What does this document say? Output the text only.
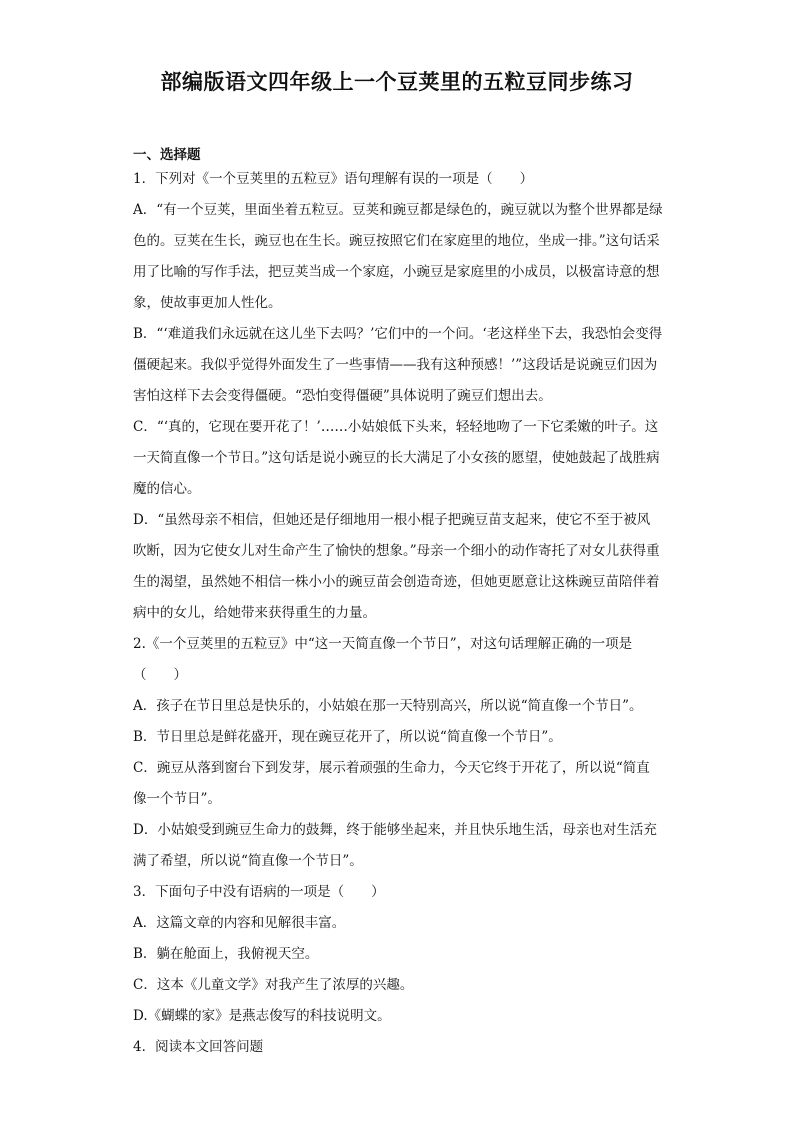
部编版语文四年级上一个豆荚里的五粒豆同步练习

一、选择题

1．下列对《一个豆荚里的五粒豆》语句理解有误的一项是（　　）

A．“有一个豆荚，里面坐着五粒豆。豆荚和豌豆都是绿色的，豌豆就以为整个世界都是绿色的。豆荚在生长，豌豆也在生长。豌豆按照它们在家庭里的地位，坐成一排。”这句话采用了比喻的写作手法，把豆荚当成一个家庭，小豌豆是家庭里的小成员，以极富诗意的想象，使故事更加人性化。

B．“‘难道我们永远就在这儿坐下去吗？’它们中的一个问。‘老这样坐下去，我恐怕会变得僵硬起来。我似乎觉得外面发生了一些事情——我有这种预感！’”这段话是说豌豆们因为害怕这样下去会变得僵硬。“恐怕变得僵硬”具体说明了豌豆们想出去。

C．“‘真的，它现在要开花了！’……小姑娘低下头来，轻轻地吻了一下它柔嫩的叶子。这一天简直像一个节日。”这句话是说小豌豆的长大满足了小女孩的愿望，使她鼓起了战胜病魔的信心。

D．“虽然母亲不相信，但她还是仔细地用一根小棍子把豌豆苗支起来，使它不至于被风吹断，因为它使女儿对生命产生了愉快的想象。”母亲一个细小的动作寄托了对女儿获得重生的渴望，虽然她不相信一株小小的豌豆苗会创造奇迹，但她更愿意让这株豌豆苗陪伴着病中的女儿，给她带来获得重生的力量。

2.《一个豆荚里的五粒豆》中“这一天简直像一个节日”，对这句话理解正确的一项是（　　）

A．孩子在节日里总是快乐的，小姑娘在那一天特别高兴，所以说“简直像一个节日”。

B．节日里总是鲜花盛开，现在豌豆花开了，所以说“简直像一个节日”。

C．豌豆从落到窗台下到发芽，展示着顽强的生命力，今天它终于开花了，所以说“简直像一个节日”。

D．小姑娘受到豌豆生命力的鼓舞，终于能够坐起来，并且快乐地生活，母亲也对生活充满了希望，所以说“简直像一个节日”。

3．下面句子中没有语病的一项是（　　）

A．这篇文章的内容和见解很丰富。

B．躺在舱面上，我俯视天空。

C．这本《儿童文学》对我产生了浓厚的兴趣。

D.《蝴蝶的家》是燕志俊写的科技说明文。

4．阅读本文回答问题
